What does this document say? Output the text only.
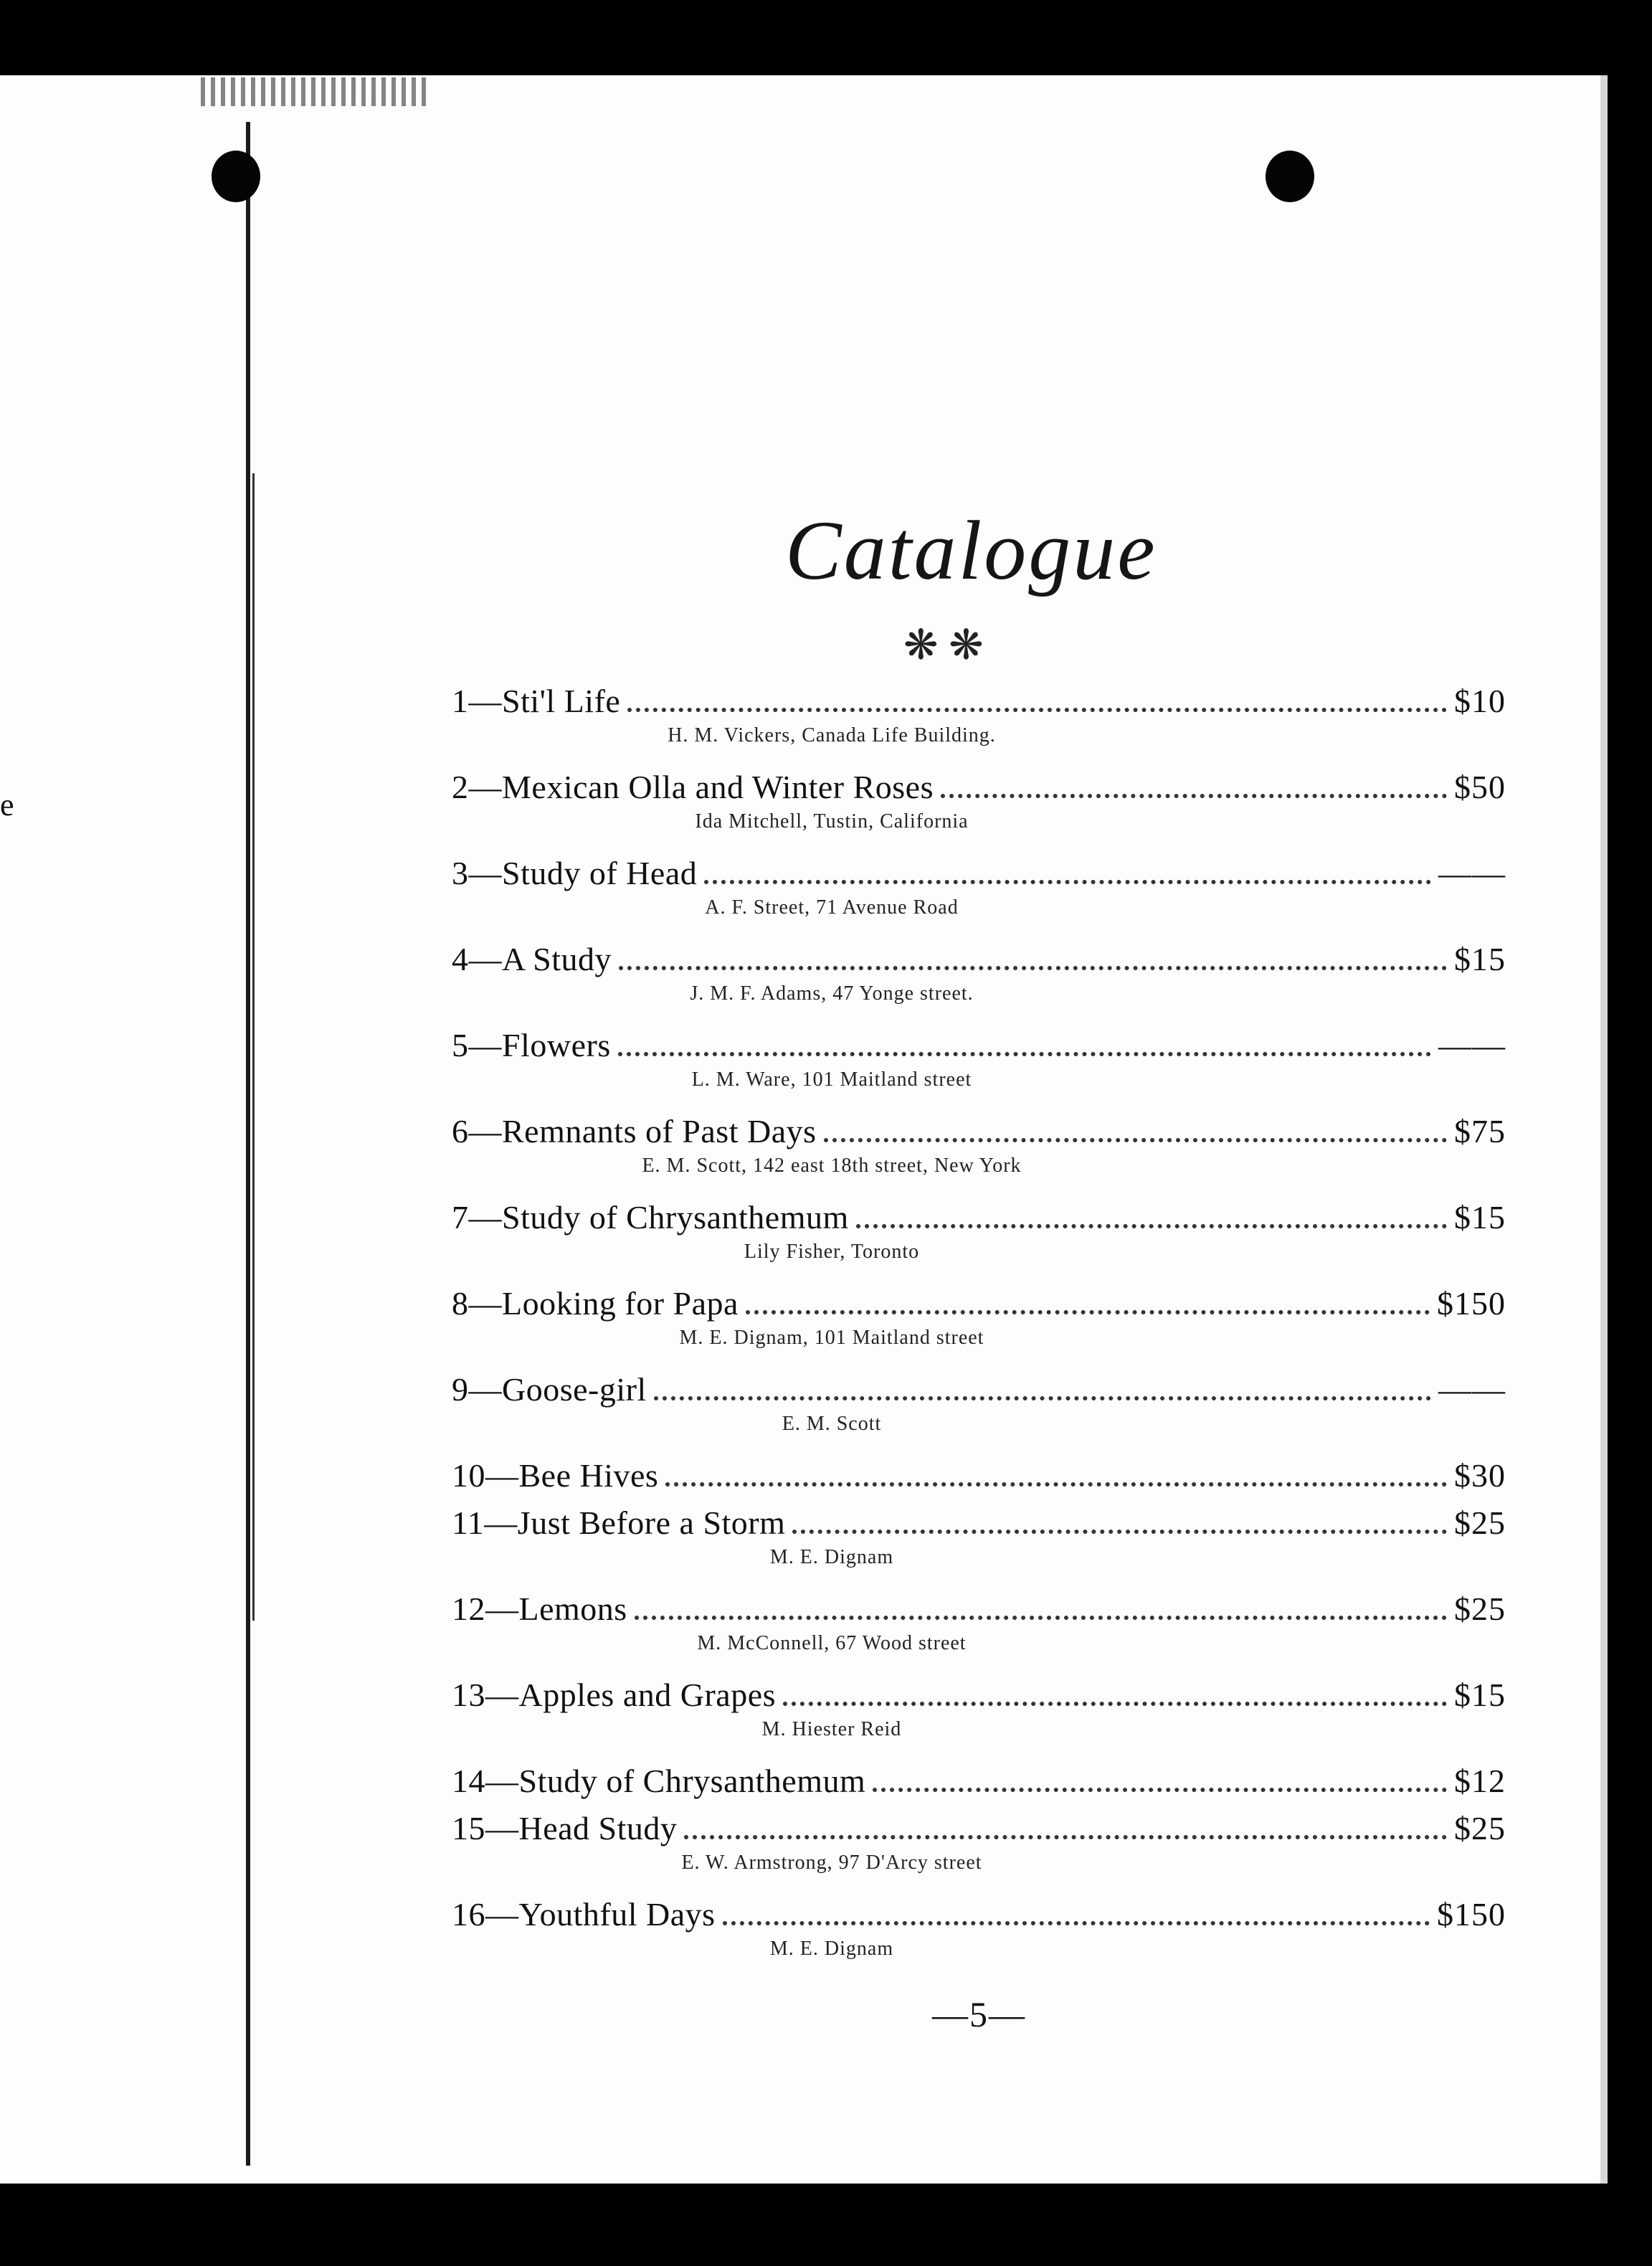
e
Catalogue
❋ ❋
1—Sti'l Life	$10
H. M. Vickers, Canada Life Building.
2—Mexican Olla and Winter Roses	$50
Ida Mitchell, Tustin, California
3—Study of Head	——
A. F. Street, 71 Avenue Road
4—A Study	$15
J. M. F. Adams, 47 Yonge street.
5—Flowers	——
L. M. Ware, 101 Maitland street
6—Remnants of Past Days	$75
E. M. Scott, 142 east 18th street, New York
7—Study of Chrysanthemum	$15
Lily Fisher, Toronto
8—Looking for Papa	$150
M. E. Dignam, 101 Maitland street
9—Goose-girl	——
E. M. Scott
10—Bee Hives	$30
11—Just Before a Storm	$25
M. E. Dignam
12—Lemons	$25
M. McConnell, 67 Wood street
13—Apples and Grapes	$15
M. Hiester Reid
14—Study of Chrysanthemum	$12
15—Head Study	$25
E. W. Armstrong, 97 D'Arcy street
16—Youthful Days	$150
M. E. Dignam
—5—
